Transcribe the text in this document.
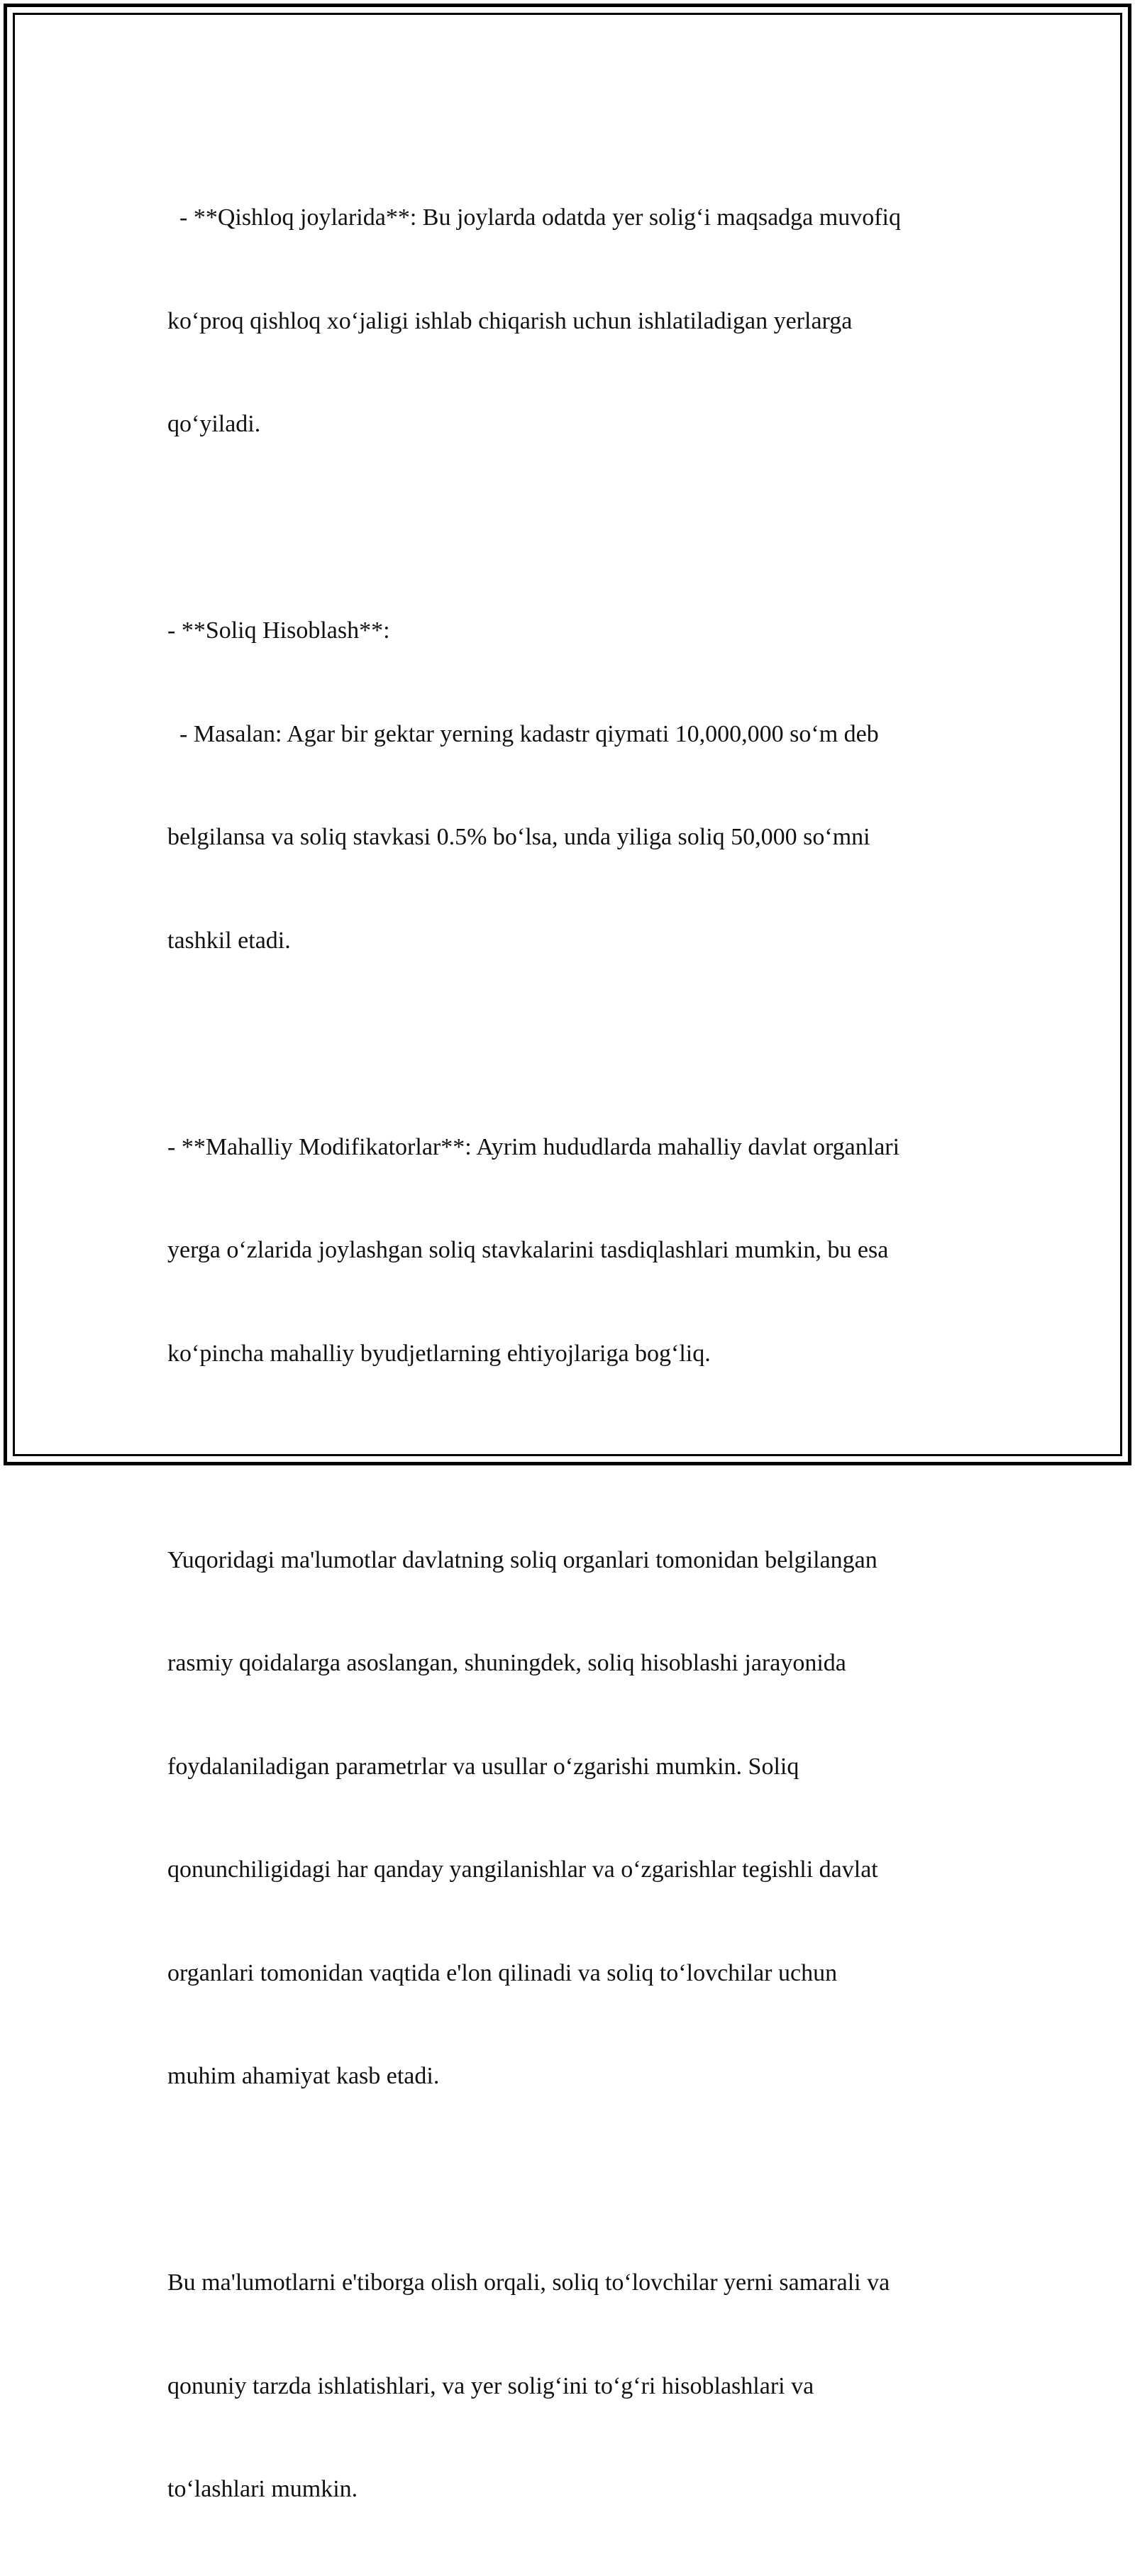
- **Qishloq joylarida**: Bu joylarda odatda yer solig‘i maqsadga muvofiq

ko‘proq qishloq xo‘jaligi ishlab chiqarish uchun ishlatiladigan yerlarga

qo‘yiladi.

- **Soliq Hisoblash**:

- Masalan: Agar bir gektar yerning kadastr qiymati 10,000,000 so‘m deb

belgilansa va soliq stavkasi 0.5% bo‘lsa, unda yiliga soliq 50,000 so‘mni

tashkil etadi.

- **Mahalliy Modifikatorlar**: Ayrim hududlarda mahalliy davlat organlari

yerga o‘zlarida joylashgan soliq stavkalarini tasdiqlashlari mumkin, bu esa

ko‘pincha mahalliy byudjetlarning ehtiyojlariga bog‘liq.

Yuqoridagi ma'lumotlar davlatning soliq organlari tomonidan belgilangan

rasmiy qoidalarga asoslangan, shuningdek, soliq hisoblashi jarayonida

foydalaniladigan parametrlar va usullar o‘zgarishi mumkin. Soliq

qonunchiligidagi har qanday yangilanishlar va o‘zgarishlar tegishli davlat

organlari tomonidan vaqtida e'lon qilinadi va soliq to‘lovchilar uchun

muhim ahamiyat kasb etadi.

Bu ma'lumotlarni e'tiborga olish orqali, soliq to‘lovchilar yerni samarali va

qonuniy tarzda ishlatishlari, va yer solig‘ini to‘g‘ri hisoblashlari va

to‘lashlari mumkin.
